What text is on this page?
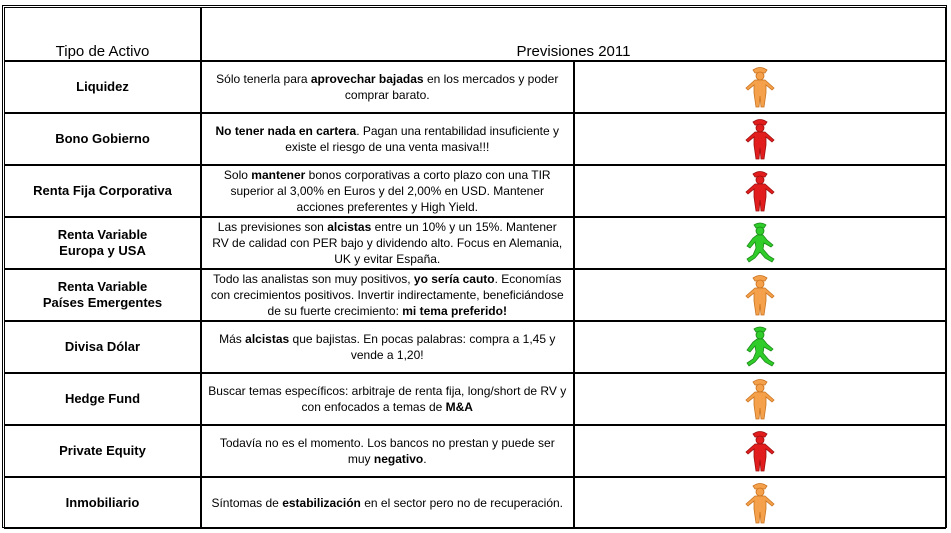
Tipo de Activo	Previsiones 2011	
Liquidez	Sólo tenerla para aprovechar bajadas en los mercados y poder comprar barato.	

Bono Gobierno	No tener nada en cartera. Pagan una rentabilidad insuficiente y existe el riesgo de una venta masiva!!!	

Renta Fija Corporativa	Solo mantener bonos corporativas a corto plazo con una TIR superior al 3,00% en Euros y del 2,00% en USD. Mantener acciones preferentes y High Yield.	

Renta Variable
Europa y USA	Las previsiones son alcistas entre un 10% y un 15%. Mantener RV de calidad con PER bajo y dividendo alto. Focus en Alemania, UK y evitar España.	

Renta Variable
Países Emergentes	Todo las analistas son muy positivos, yo sería cauto. Economías con crecimientos positivos. Invertir indirectamente, beneficiándose de su fuerte crecimiento: mi tema preferido!	

Divisa Dólar	Más alcistas que bajistas. En pocas palabras: compra a 1,45 y vende a 1,20!	

Hedge Fund	Buscar temas específicos: arbitraje de renta fija, long/short de RV y con enfocados a temas de M&A	

Private Equity	Todavía no es el momento. Los bancos no prestan y puede ser muy negativo.	

Inmobiliario	Síntomas de estabilización en el sector pero no de recuperación.	
